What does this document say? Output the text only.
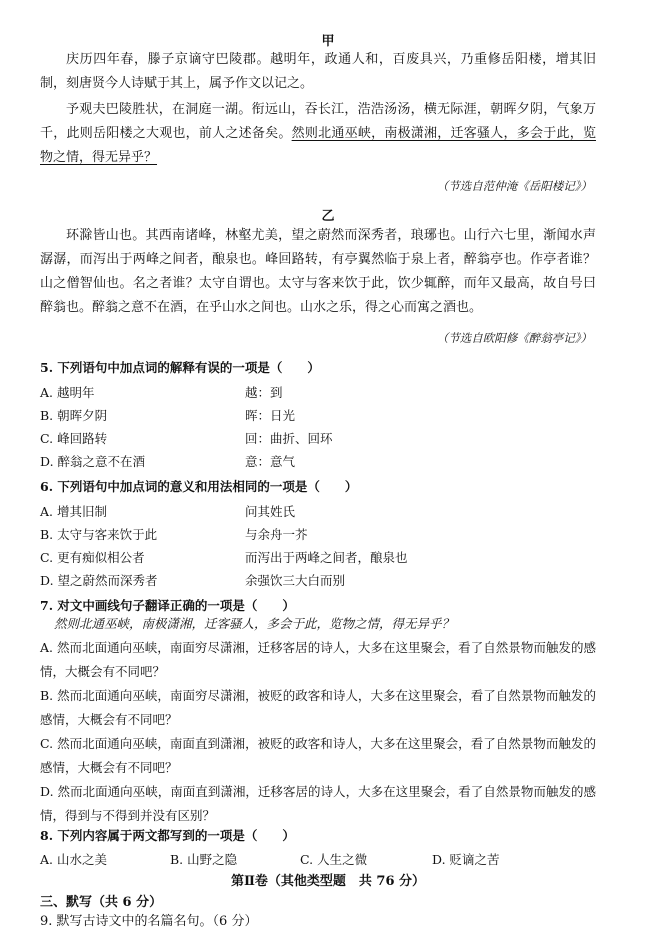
甲
庆历四年春，滕子京谪守巴陵郡。越明年，政通人和，百废具兴，乃重修岳阳楼，增其旧制，刻唐贤今人诗赋于其上，属予作文以记之。
予观夫巴陵胜状，在洞庭一湖。衔远山，吞长江，浩浩汤汤，横无际涯，朝晖夕阴，气象万千，此则岳阳楼之大观也，前人之述备矣。然则北通巫峡，南极潇湘，迁客骚人，多会于此，览物之情，得无异乎？
（节选自范仲淹《岳阳楼记》）
乙
环滁皆山也。其西南诸峰，林壑尤美，望之蔚然而深秀者，琅琊也。山行六七里，渐闻水声潺潺，而泻出于两峰之间者，酿泉也。峰回路转，有亭翼然临于泉上者，醉翁亭也。作亭者谁？山之僧智仙也。名之者谁？太守自谓也。太守与客来饮于此，饮少辄醉，而年又最高，故自号曰醉翁也。醉翁之意不在酒，在乎山水之间也。山水之乐，得之心而寓之酒也。
（节选自欧阳修《醉翁亭记》）
5. 下列语句中加点词的解释有误的一项是（　　）
A. 越明年	越：到
B. 朝晖夕阴	晖：日光
C. 峰回路转	回：曲折、回环
D. 醉翁之意不在酒	意：意气
6. 下列语句中加点词的意义和用法相同的一项是（　　）
A. 增其旧制	问其姓氏
B. 太守与客来饮于此	与余舟一芥
C. 更有痴似相公者	而泻出于两峰之间者，酿泉也
D. 望之蔚然而深秀者	余强饮三大白而别
7. 对文中画线句子翻译正确的一项是（　　）
然则北通巫峡，南极潇湘，迁客骚人，多会于此，览物之情，得无异乎？
A. 然而北面通向巫峡，南面穷尽潇湘，迁移客居的诗人，大多在这里聚会，看了自然景物而触发的感情，大概会有不同吧？
B. 然而北面通向巫峡，南面穷尽潇湘，被贬的政客和诗人，大多在这里聚会，看了自然景物而触发的感情，大概会有不同吧？
C. 然而北面通向巫峡，南面直到潇湘，被贬的政客和诗人，大多在这里聚会，看了自然景物而触发的感情，大概会有不同吧？
D. 然而北面通向巫峡，南面直到潇湘，迁移客居的诗人，大多在这里聚会，看了自然景物而触发的感情，得到与不得到并没有区别？
8. 下列内容属于两文都写到的一项是（　　）
A. 山水之美	B. 山野之隐	C. 人生之微	D. 贬谪之苦
第Ⅱ卷（其他类型题　共 76 分）
三、默写（共 6 分）
9. 默写古诗文中的名篇名句。（6 分）
